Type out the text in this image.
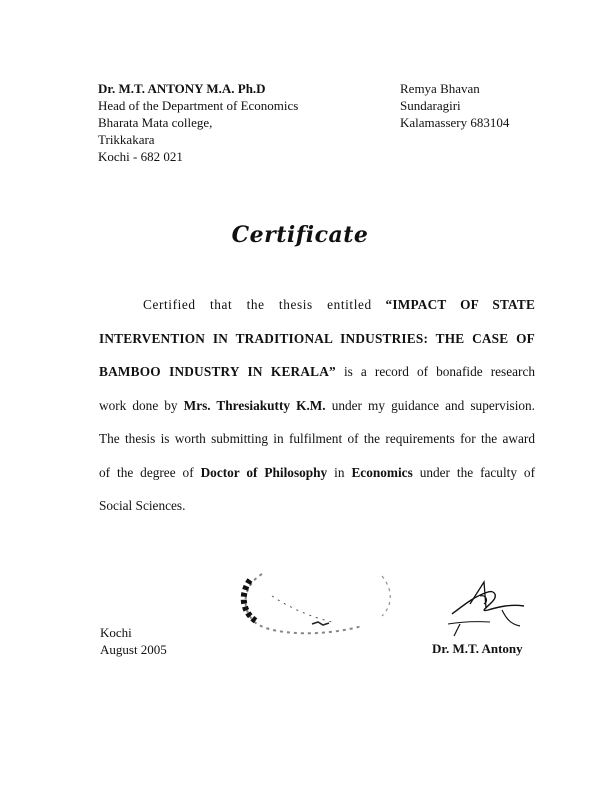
Dr. M.T. ANTONY M.A. Ph.D
Head of the Department of Economics
Bharata Mata college,
Trikkakara
Kochi - 682 021
Remya Bhavan
Sundaragiri
Kalamassery 683104
Certificate
Certified that the thesis entitled “IMPACT OF STATE
INTERVENTION IN TRADITIONAL INDUSTRIES: THE CASE OF
BAMBOO INDUSTRY IN KERALA” is a record of bonafide research
work done by Mrs. Thresiakutty K.M. under my guidance and supervision.
The thesis is worth submitting in fulfilment of the requirements for the award
of the degree of Doctor of Philosophy in Economics under the faculty of
Social Sciences.
Kochi
August 2005	Dr. M.T. Antony
